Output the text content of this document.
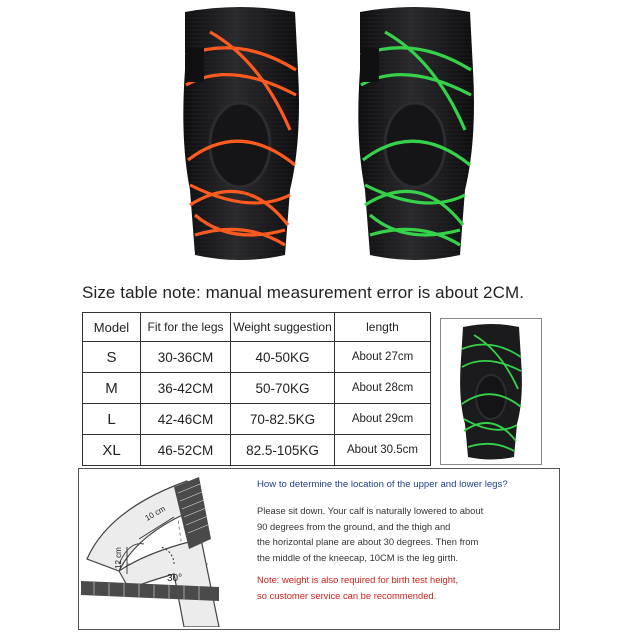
Size table note: manual measurement error is about 2CM.
Model	Fit for the legs	Weight suggestion	length
S	30-36CM	40-50KG	About 27cm
M	36-42CM	50-70KG	About 28cm
L	42-46CM	70-82.5KG	About 29cm
XL	46-52CM	82.5-105KG	About 30.5cm
10 cm
12 cm
30°
How to determine the location of the upper and lower legs?
Please sit down. Your calf is naturally lowered to about
90 degrees from the ground, and the thigh and
the horizontal plane are about 30 degrees. Then from
the middle of the kneecap, 10CM is the leg girth.
Note: weight is also required for birth test height,
so customer service can be recommended.
